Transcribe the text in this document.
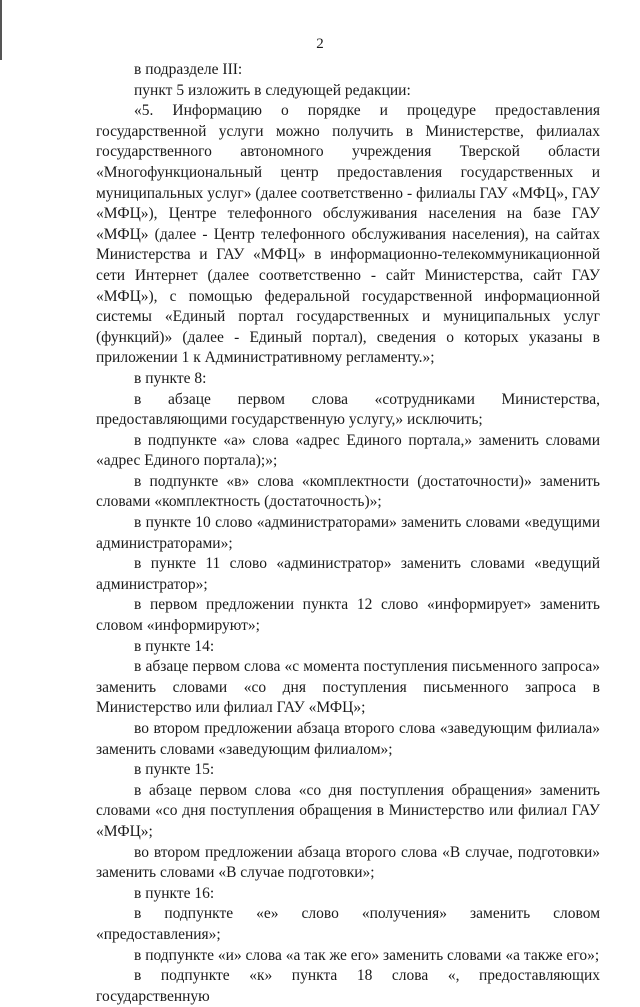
2

в подразделе III:

пункт 5 изложить в следующей редакции:

«5. Информацию о порядке и процедуре предоставления государственной услуги можно получить в Министерстве, филиалах государственного автономного учреждения Тверской области «Многофункциональный центр предоставления государственных и муниципальных услуг» (далее соответственно - филиалы ГАУ «МФЦ», ГАУ «МФЦ»), Центре телефонного обслуживания населения на базе ГАУ «МФЦ» (далее - Центр телефонного обслуживания населения), на сайтах Министерства и ГАУ «МФЦ» в информационно-телекоммуникационной сети Интернет (далее соответственно - сайт Министерства, сайт ГАУ «МФЦ»), с помощью федеральной государственной информационной системы «Единый портал государственных и муниципальных услуг (функций)» (далее - Единый портал), сведения о которых указаны в приложении 1 к Административному регламенту.»;

в пункте 8:

в абзаце первом слова «сотрудниками Министерства, предоставляющими государственную услугу,» исключить;

в подпункте «а» слова «адрес Единого портала,» заменить словами «адрес Единого портала);»;

в подпункте «в» слова «комплектности (достаточности)» заменить словами «комплектность (достаточность)»;

в пункте 10 слово «администраторами» заменить словами «ведущими администраторами»;

в пункте 11 слово «администратор» заменить словами «ведущий администратор»;

в первом предложении пункта 12 слово «информирует» заменить словом «информируют»;

в пункте 14:

в абзаце первом слова «с момента поступления письменного запроса» заменить словами «со дня поступления письменного запроса в Министерство или филиал ГАУ «МФЦ»;

во втором предложении абзаца второго слова «заведующим филиала» заменить словами «заведующим филиалом»;

в пункте 15:

в абзаце первом слова «со дня поступления обращения» заменить словами «со дня поступления обращения в Министерство или филиал ГАУ «МФЦ»;

во втором предложении абзаца второго слова «В случае, подготовки» заменить словами «В случае подготовки»;

в пункте 16:

в подпункте «е» слово «получения» заменить словом «предоставления»;

в подпункте «и» слова «а так же его» заменить словами «а также его»;

в подпункте «к» пункта 18 слова «, предоставляющих государственную
